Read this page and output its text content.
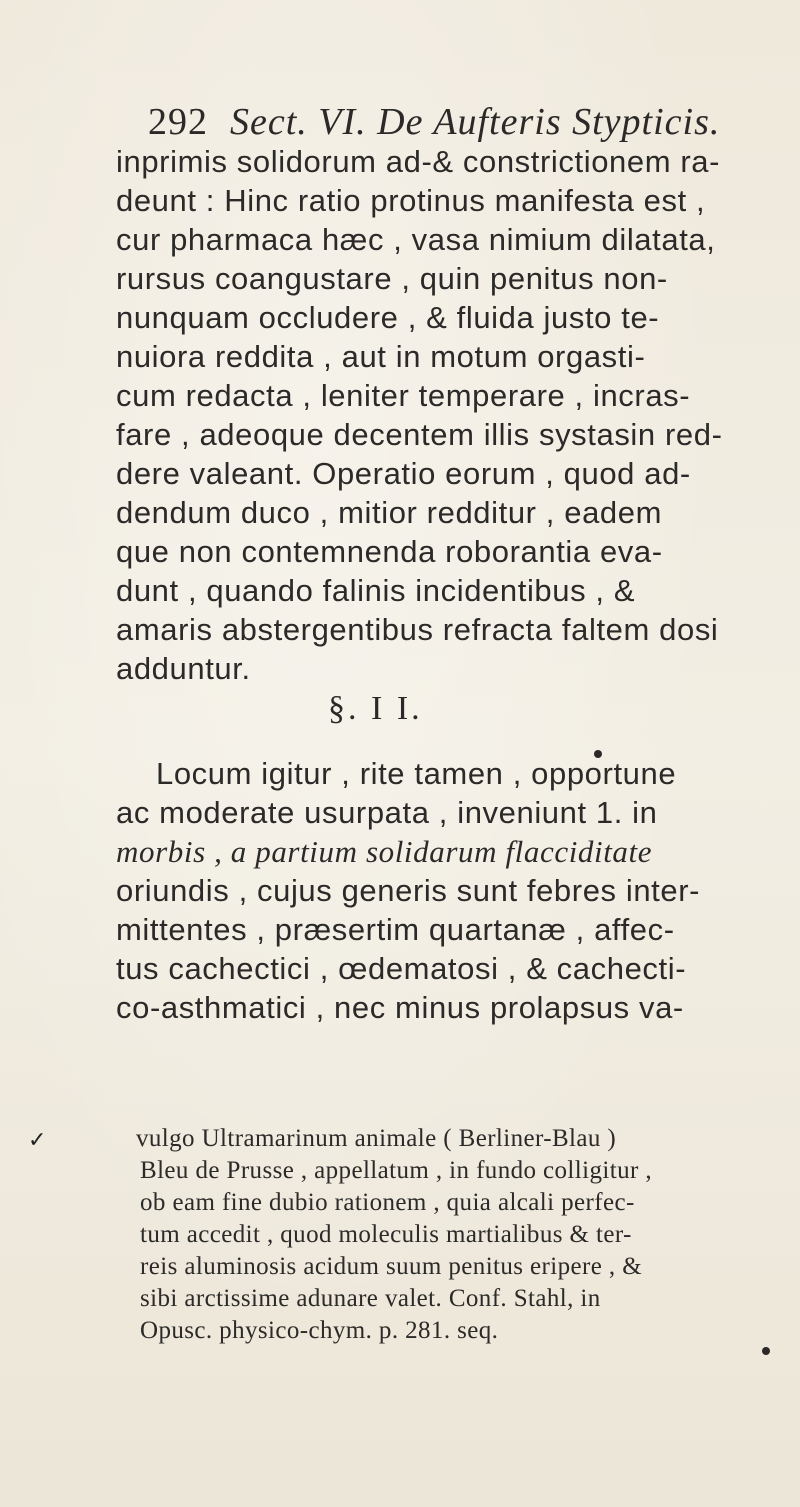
292 Sect. VI. De Aufteris Stypticis.
inprimis solidorum ad-& constrictionem ra-
deunt : Hinc ratio protinus manifesta est ,
cur pharmaca hæc , vasa nimium dilatata,
rursus coangustare , quin penitus non-
nunquam occludere , & fluida justo te-
nuiora reddita , aut in motum orgasti-
cum redacta , leniter temperare , incras-
fare , adeoque decentem illis systasin red-
dere valeant. Operatio eorum , quod ad-
dendum duco , mitior redditur , eadem
que non contemnenda roborantia eva-
dunt , quando falinis incidentibus , &
amaris abstergentibus refracta faltem dosi
adduntur.
§. I I.
Locum igitur , rite tamen , opportune
ac moderate usurpata , inveniunt 1. in
morbis , a partium solidarum flacciditate
oriundis , cujus generis sunt febres inter-
mittentes , præsertim quartanæ , affec-
tus cachectici , œdematosi , & cachecti-
co-asthmatici , nec minus prolapsus va-
✓	vulgo Ultramarinum animale ( Berliner-Blau )
Bleu de Prusse , appellatum , in fundo colligitur ,
ob eam fine dubio rationem , quia alcali perfec-
tum accedit , quod moleculis martialibus & ter-
reis aluminosis acidum suum penitus eripere , &
sibi arctissime adunare valet. Conf. Stahl, in
Opusc. physico-chym. p. 281. seq.
